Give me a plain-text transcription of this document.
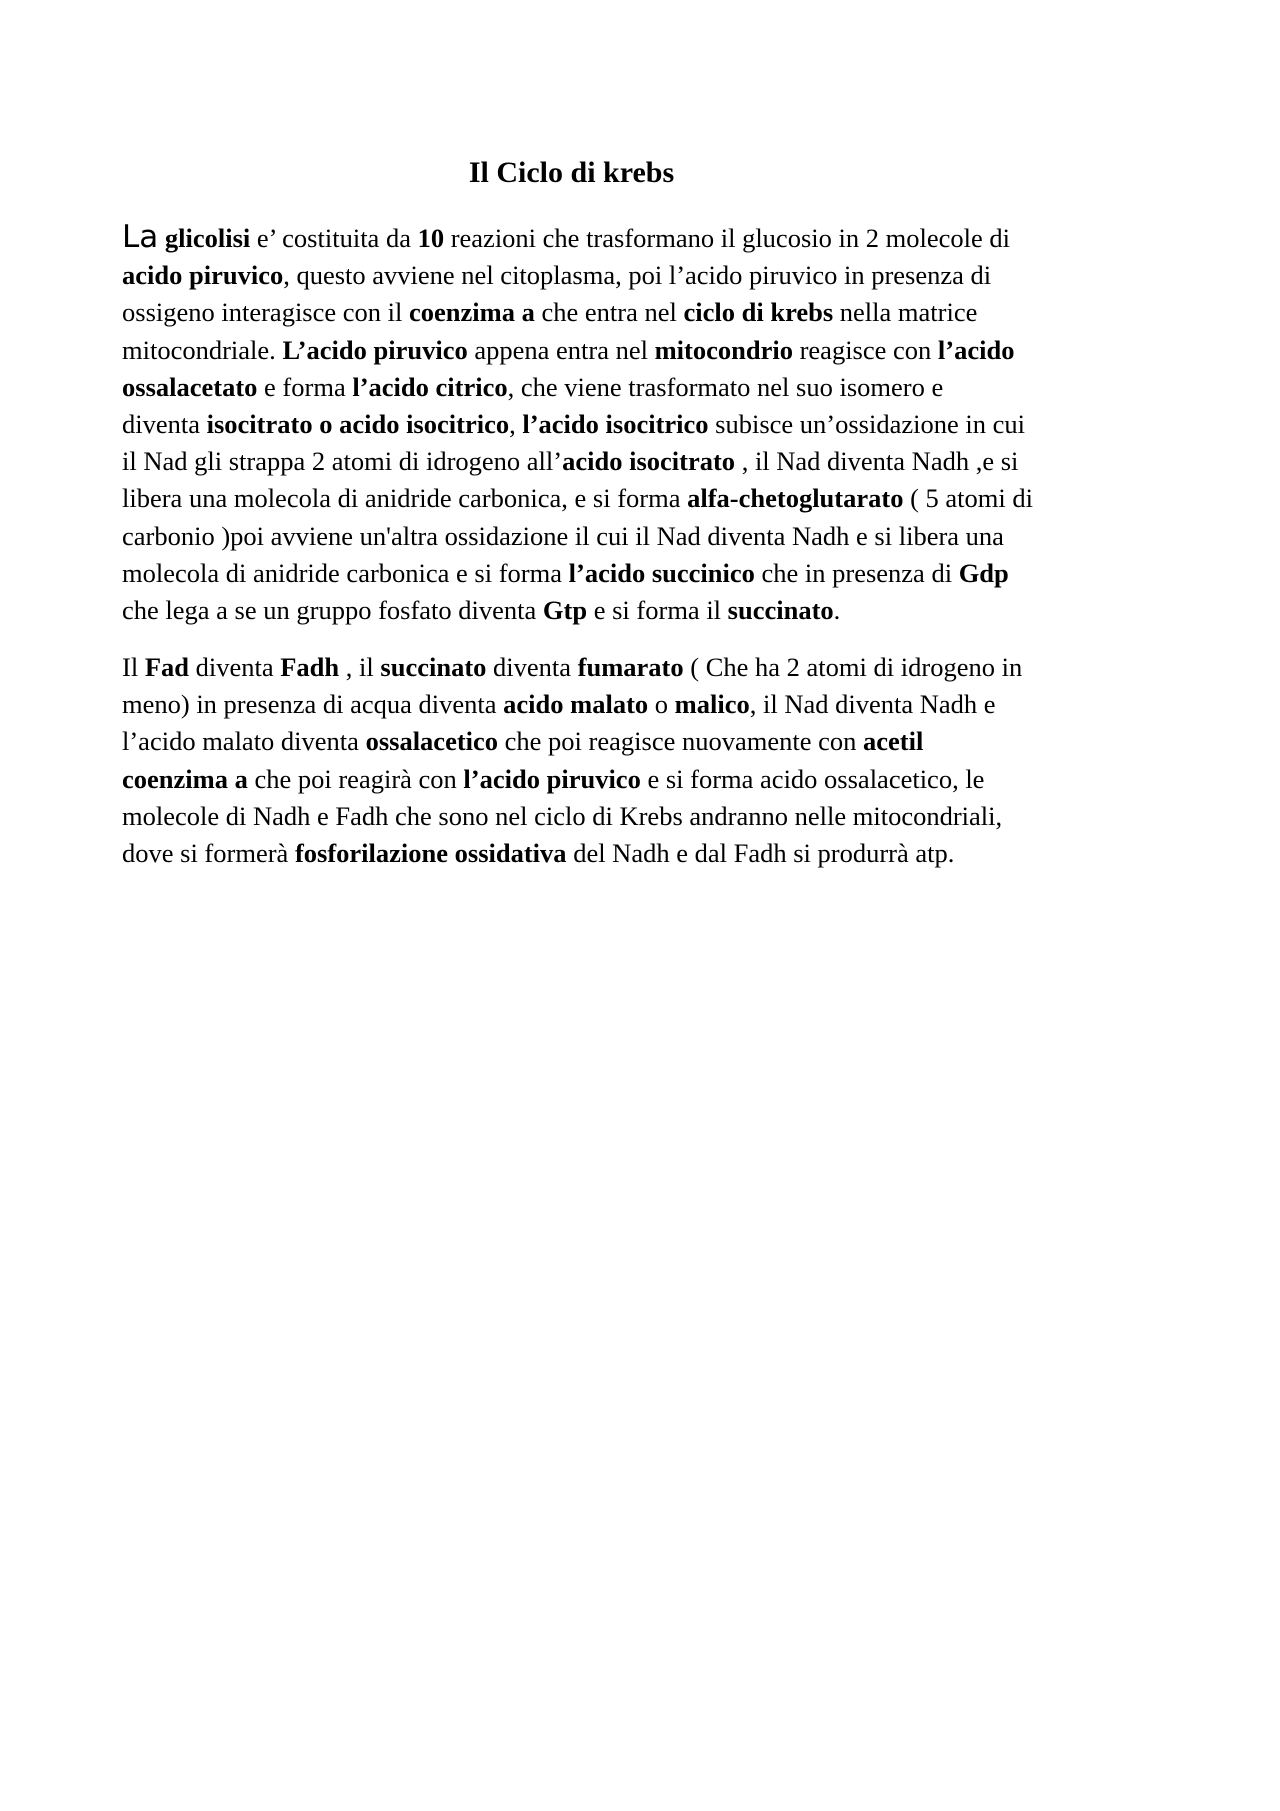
Il Ciclo di krebs

La glicolisi e’ costituita da 10 reazioni che trasformano il glucosio in 2 molecole di
acido piruvico, questo avviene nel citoplasma, poi l’acido piruvico in presenza di
ossigeno interagisce con il coenzima a che entra nel ciclo di krebs nella matrice
mitocondriale. L’acido piruvico appena entra nel mitocondrio reagisce con l’acido
ossalacetato e forma l’acido citrico, che viene trasformato nel suo isomero e
diventa isocitrato o acido isocitrico, l’acido isocitrico subisce un’ossidazione in cui
il Nad gli strappa 2 atomi di idrogeno all’acido isocitrato , il Nad diventa Nadh ,e si
libera una molecola di anidride carbonica, e si forma alfa-chetoglutarato ( 5 atomi di
carbonio )poi avviene un'altra ossidazione il cui il Nad diventa Nadh e si libera una
molecola di anidride carbonica e si forma l’acido succinico che in presenza di Gdp
che lega a se un gruppo fosfato diventa Gtp e si forma il succinato.

Il Fad diventa Fadh , il succinato diventa fumarato ( Che ha 2 atomi di idrogeno in
meno) in presenza di acqua diventa acido malato o malico, il Nad diventa Nadh e
l’acido malato diventa ossalacetico che poi reagisce nuovamente con acetil
coenzima a che poi reagirà con l’acido piruvico e si forma acido ossalacetico, le
molecole di Nadh e Fadh che sono nel ciclo di Krebs andranno nelle mitocondriali,
dove si formerà fosforilazione ossidativa del Nadh e dal Fadh si produrrà atp.
